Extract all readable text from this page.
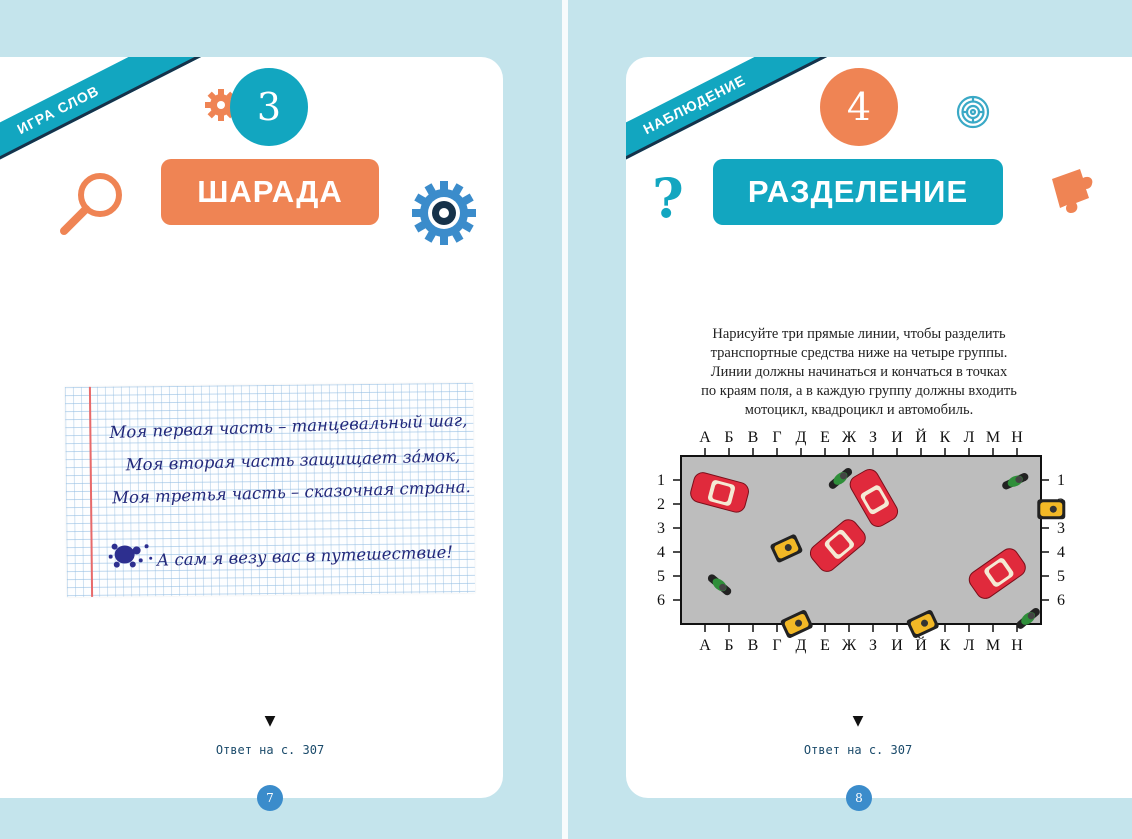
ИГРА СЛОВ	3
ШАРАДА
Моя первая часть – танцевальный шаг,
Моя вторая часть защищает зáмок,
Моя третья часть – сказочная страна.
А сам я везу вас в путешествие!
▼
Ответ на с. 307
7
НАБЛЮДЕНИЕ	4
?	РАЗДЕЛЕНИЕ
Нарисуйте три прямые линии, чтобы разделить
транспортные средства ниже на четыре группы.
Линии должны начинаться и кончаться в точках
по краям поля, а в каждую группу должны входить
мотоцикл, квадроцикл и автомобиль.
А
А
Б
Б
В
В
Г
Г
Д
Д
Е
Е
Ж
Ж
З
З
И
И
Й
Й
К
К
Л
Л
М
М
Н
Н
1	1
2
3	3
4	4
5	5
6	6
▼
Ответ на с. 307
8
